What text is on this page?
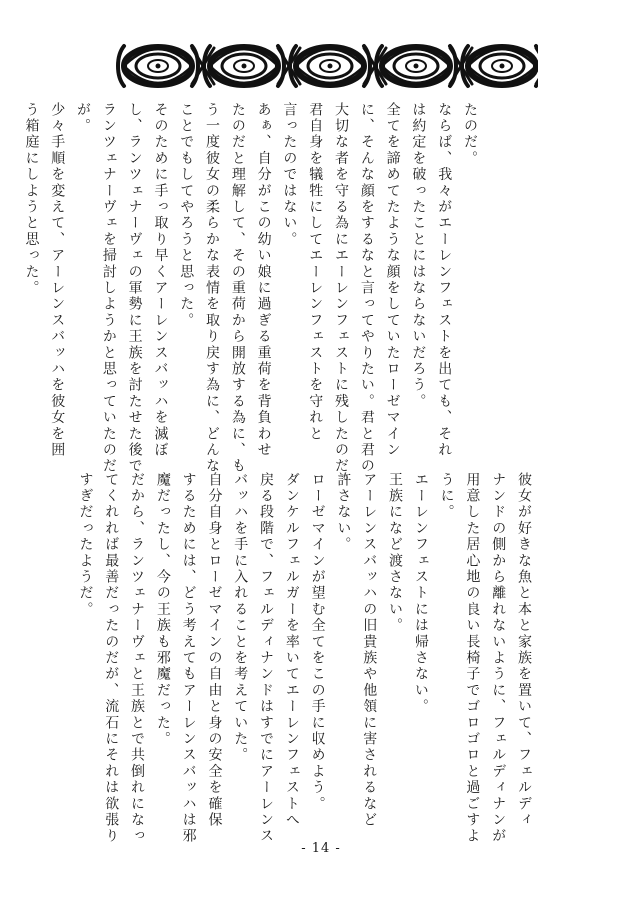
たのだ。
ならば、我々がエーレンフェストを出ても、それ
は約定を破ったことにはならないだろう。
全てを諦めてたような顔をしていたローゼマイン
に、そんな顔をするなと言ってやりたい。君と君の
大切な者を守る為にエーレンフェストに残したのだ。
君自身を犠牲にしてエーレンフェストを守れと
言ったのではない。
あぁ、自分がこの幼い娘に過ぎる重荷を背負わせ
たのだと理解して、その重荷から開放する為に、も
う一度彼女の柔らかな表情を取り戻す為に、どんな
ことでもしてやろうと思った。
そのために手っ取り早くアーレンスバッハを滅ぼ
し、ランツェナーヴェの軍勢に王族を討たせた後で
ランツェナーヴェを掃討しようかと思っていたのだ
が。
少々手順を変えて、アーレンスバッハを彼女を囲
う箱庭にしようと思った。
彼女が好きな魚と本と家族を置いて、フェルディ
ナンドの側から離れないように、フェルディナンが
用意した居心地の良い長椅子でゴロゴロと過ごすよ
うに。
エーレンフェストには帰さない。
王族になど渡さない。
アーレンスバッハの旧貴族や他領に害されるなど
許さない。
ローゼマインが望む全てをこの手に収めよう。
ダンケルフェルガーを率いてエーレンフェストへ
戻る段階で、フェルディナンドはすでにアーレンス
バッハを手に入れることを考えていた。
自分自身とローゼマインの自由と身の安全を確保
するためには、どう考えてもアーレンスバッハは邪
魔だったし、今の王族も邪魔だった。
だから、ランツェナーヴェと王族とで共倒れになっ
てくれれば最善だったのだが、流石にそれは欲張り
すぎだったようだ。
- 14 -
